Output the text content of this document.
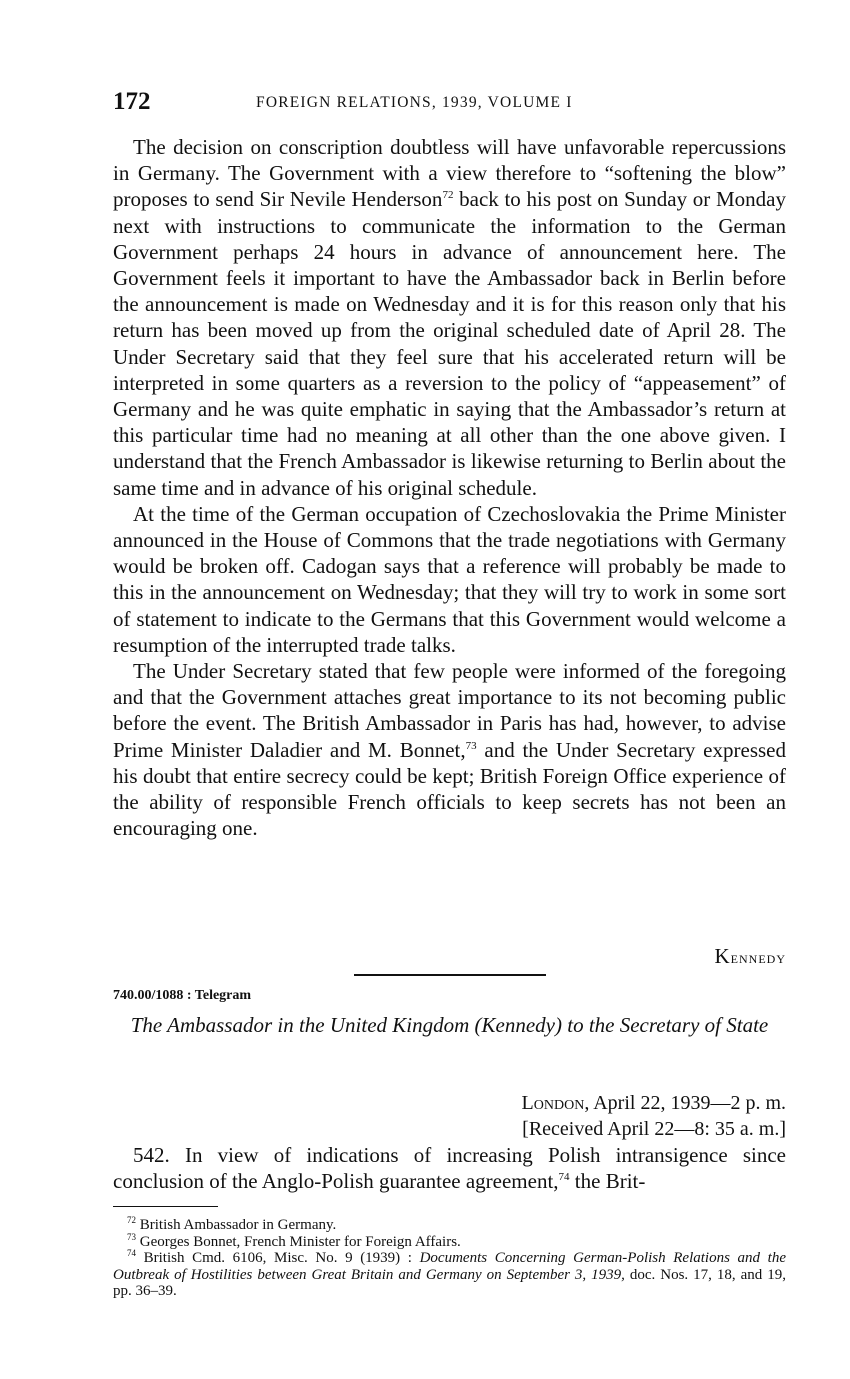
172	FOREIGN RELATIONS, 1939, VOLUME I

The decision on conscription doubtless will have unfavorable repercussions in Germany. The Government with a view therefore to “softening the blow” proposes to send Sir Nevile Henderson$^{72}$ back to his post on Sunday or Monday next with instructions to communicate the information to the German Government perhaps 24 hours in advance of announcement here. The Government feels it important to have the Ambassador back in Berlin before the announcement is made on Wednesday and it is for this reason only that his return has been moved up from the original scheduled date of April 28. The Under Secretary said that they feel sure that his accelerated return will be interpreted in some quarters as a reversion to the policy of “appeasement” of Germany and he was quite emphatic in saying that the Ambassador’s return at this particular time had no meaning at all other than the one above given. I understand that the French Ambassador is likewise returning to Berlin about the same time and in advance of his original schedule.

At the time of the German occupation of Czechoslovakia the Prime Minister announced in the House of Commons that the trade negotiations with Germany would be broken off. Cadogan says that a reference will probably be made to this in the announcement on Wednesday; that they will try to work in some sort of statement to indicate to the Germans that this Government would welcome a resumption of the interrupted trade talks.

The Under Secretary stated that few people were informed of the foregoing and that the Government attaches great importance to its not becoming public before the event. The British Ambassador in Paris has had, however, to advise Prime Minister Daladier and M. Bonnet,$^{73}$ and the Under Secretary expressed his doubt that entire secrecy could be kept; British Foreign Office experience of the ability of responsible French officials to keep secrets has not been an encouraging one.

Kennedy
740.00/1088 : Telegram
The Ambassador in the United Kingdom (Kennedy) to the Secretary of State
London, April 22, 1939—2 p. m.
[Received April 22—8: 35 a. m.]

542. In view of indications of increasing Polish intransigence since conclusion of the Anglo-Polish guarantee agreement,$^{74}$ the Brit-

$^{72}$ British Ambassador in Germany.

$^{73}$ Georges Bonnet, French Minister for Foreign Affairs.

$^{74}$ British Cmd. 6106, Misc. No. 9 (1939) : Documents Concerning German-Polish Relations and the Outbreak of Hostilities between Great Britain and Germany on September 3, 1939, doc. Nos. 17, 18, and 19, pp. 36–39.
